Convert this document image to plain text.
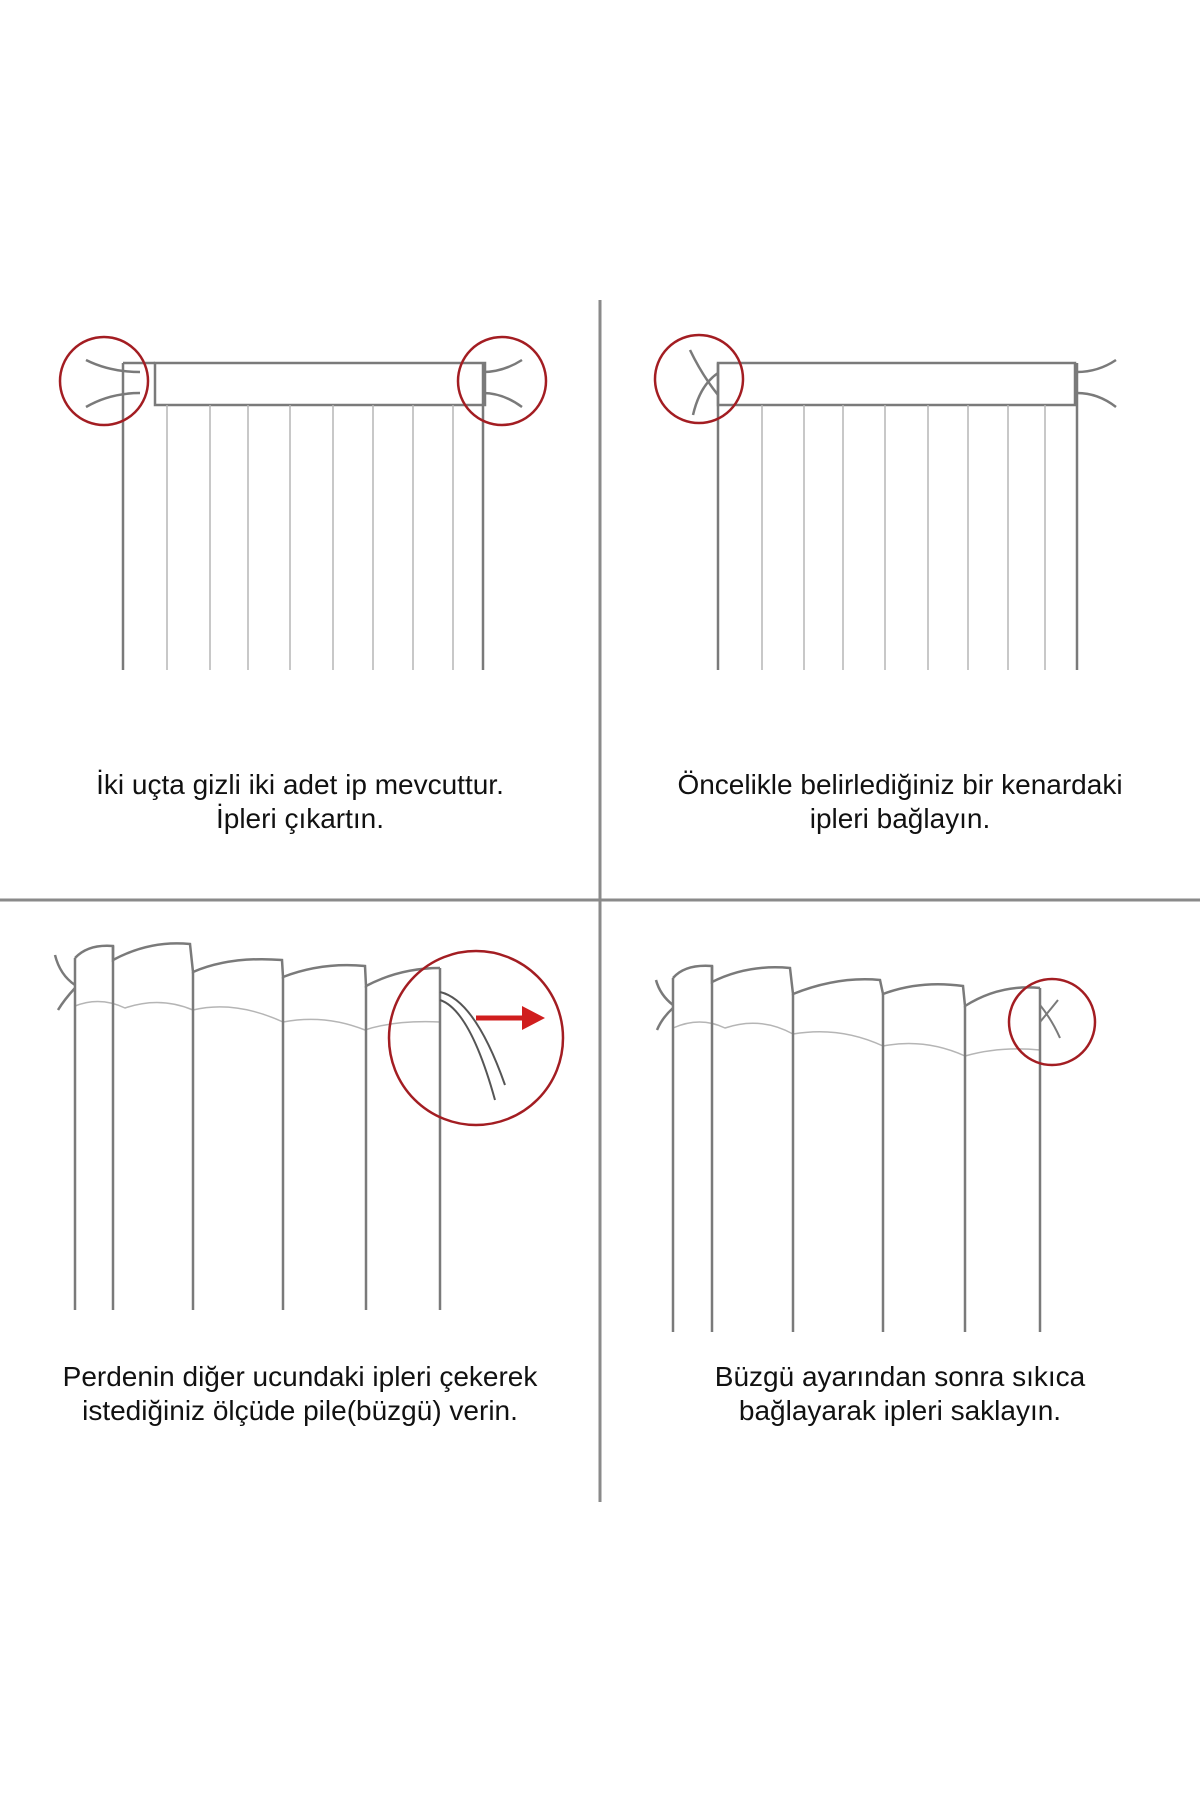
İki uçta gizli iki adet ip mevcuttur.
İpleri çıkartın.
Öncelikle belirlediğiniz bir kenardaki
ipleri bağlayın.
Perdenin diğer ucundaki ipleri çekerek
istediğiniz ölçüde pile(büzgü) verin.
Büzgü ayarından sonra sıkıca
bağlayarak ipleri saklayın.
